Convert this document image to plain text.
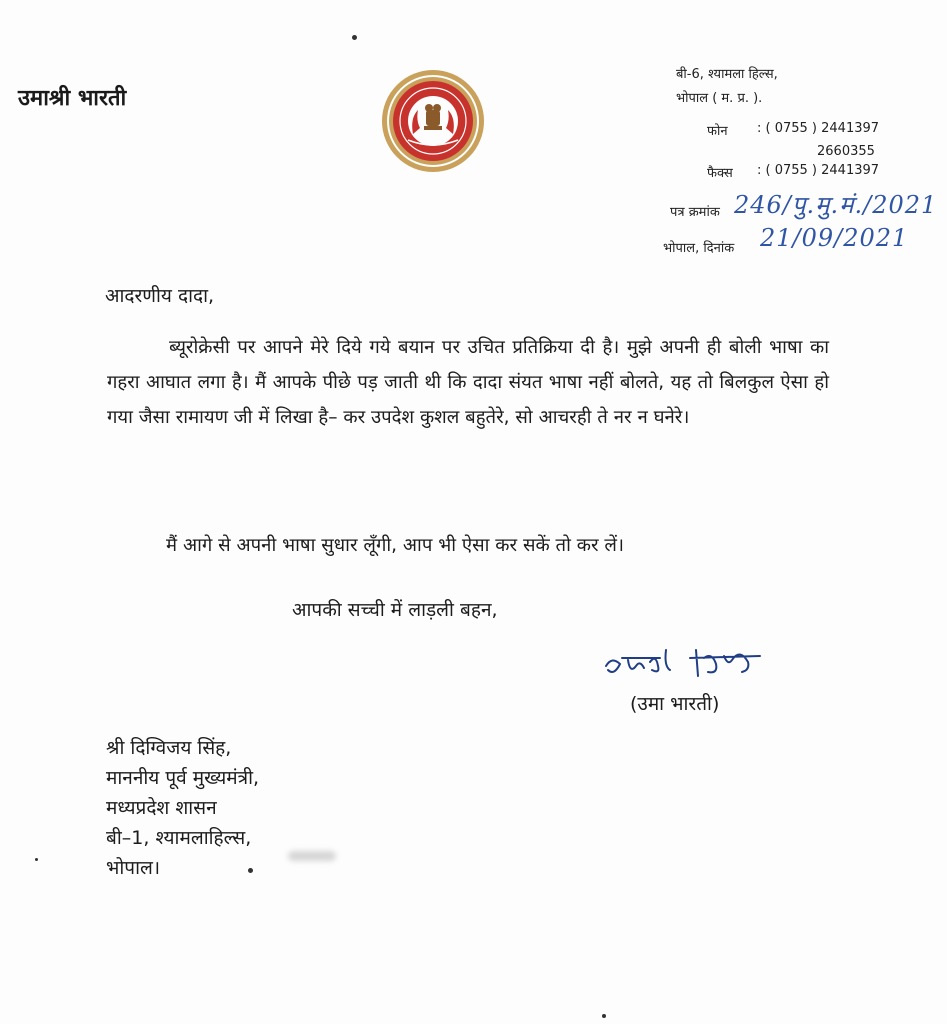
उमाश्री भारती
बी-6, श्यामला हिल्स,
भोपाल ( म. प्र. ).
फोन : ( 0755 ) 2441397
2660355
फैक्स : ( 0755 ) 2441397
पत्र क्रमांक 246/पु.मु.मं./2021
भोपाल, दिनांक 21/09/2021
आदरणीय दादा,

ब्यूरोक्रेसी पर आपने मेरे दिये गये बयान पर उचित प्रतिक्रिया दी है। मुझे अपनी ही बोली भाषा का गहरा आघात लगा है। मैं आपके पीछे पड़ जाती थी कि दादा संयत भाषा नहीं बोलते, यह तो बिलकुल ऐसा हो गया जैसा रामायण जी में लिखा है– कर उपदेश कुशल बहुतेरे, सो आचरही ते नर न घनेरे।

मैं आगे से अपनी भाषा सुधार लूँगी, आप भी ऐसा कर सकें तो कर लें।
आपकी सच्ची में लाड़ली बहन,
(उमा भारती)
श्री दिग्विजय सिंह,
माननीय पूर्व मुख्यमंत्री,
मध्यप्रदेश शासन
बी–1, श्यामलाहिल्स,
भोपाल।
